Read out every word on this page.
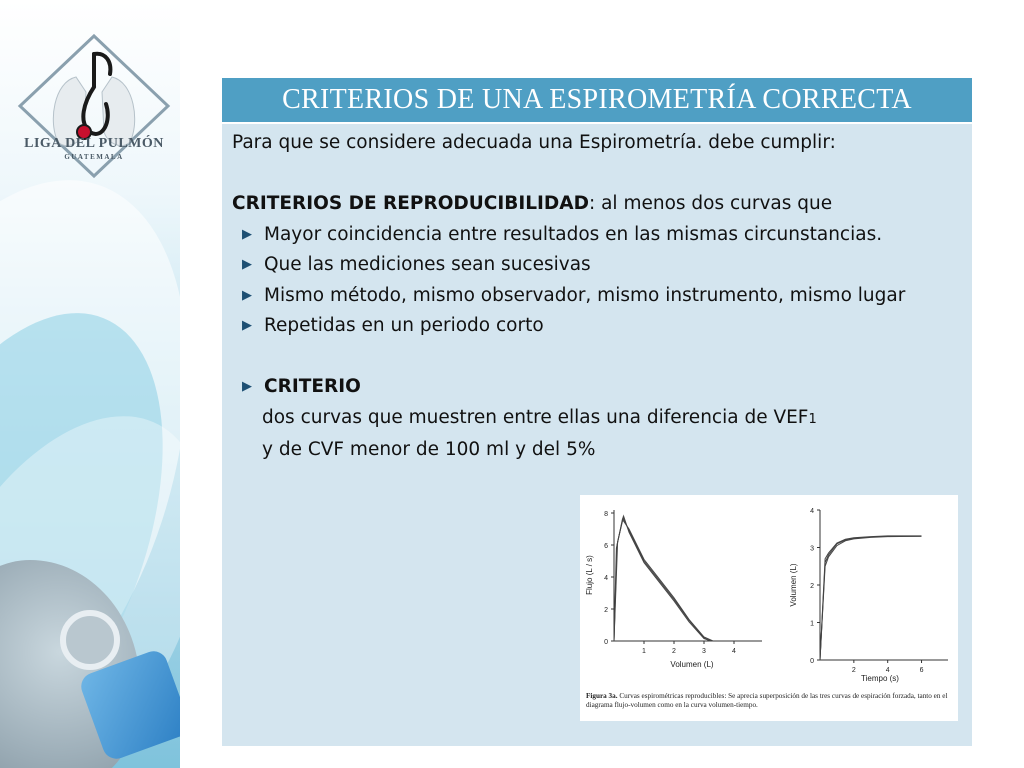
LIGA DEL PULMÓN
GUATEMALA
CRITERIOS DE UNA ESPIROMETRÍA CORRECTA

Para que se considere adecuada una Espirometría. debe cumplir:

CRITERIOS DE REPRODUCIBILIDAD: al menos dos curvas que

▶ Mayor coincidencia entre resultados en las mismas circunstancias.

▶ Que las mediciones sean sucesivas

▶ Mismo método, mismo observador, mismo instrumento, mismo lugar

▶ Repetidas en un periodo corto

▶ CRITERIO

dos curvas que muestren entre ellas una diferencia de VEF1

y de CVF menor de 100 ml y del 5%

Flujo (L / s)
Volumen (L)
8
6
4
2
0
1	2	3	4
Volumen (L)
Tiempo (s)
4
3
2
1
0
2	4	6
Figura 3a. Curvas espirométricas reproducibles: Se aprecia superposición de las tres curvas de espiración forzada, tanto en el diagrama flujo-volumen como en la curva volumen-tiempo.
